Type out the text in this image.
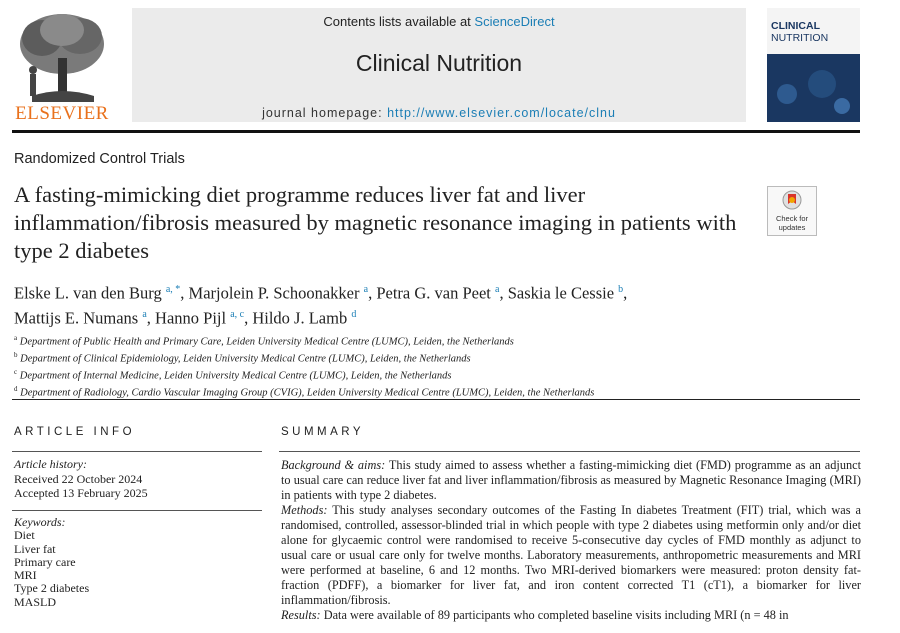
ELSEVIER
Contents lists available at ScienceDirect
Clinical Nutrition
journal homepage: http://www.elsevier.com/locate/clnu
CLINICAL
NUTRITION
Randomized Control Trials
A fasting-mimicking diet programme reduces liver fat and liver inflammation/fibrosis measured by magnetic resonance imaging in patients with type 2 diabetes
Check for updates
Elske L. van den Burg $^{a, *}$, Marjolein P. Schoonakker $^a$, Petra G. van Peet $^a$, Saskia le Cessie $^b$,
Mattijs E. Numans $^a$, Hanno Pijl $^{a, c}$, Hildo J. Lamb $^d$
$^a$ Department of Public Health and Primary Care, Leiden University Medical Centre (LUMC), Leiden, the Netherlands
$^b$ Department of Clinical Epidemiology, Leiden University Medical Centre (LUMC), Leiden, the Netherlands
$^c$ Department of Internal Medicine, Leiden University Medical Centre (LUMC), Leiden, the Netherlands
$^d$ Department of Radiology, Cardio Vascular Imaging Group (CVIG), Leiden University Medical Centre (LUMC), Leiden, the Netherlands
ARTICLE INFO
Article history:
Received 22 October 2024
Accepted 13 February 2025
Keywords:
Diet
Liver fat
Primary care
MRI
Type 2 diabetes
MASLD
SUMMARY

Background & aims: This study aimed to assess whether a fasting-mimicking diet (FMD) programme as an adjunct to usual care can reduce liver fat and liver inflammation/fibrosis as measured by Magnetic Resonance Imaging (MRI) in patients with type 2 diabetes.

Methods: This study analyses secondary outcomes of the Fasting In diabetes Treatment (FIT) trial, which was a randomised, controlled, assessor-blinded trial in which people with type 2 diabetes using metformin only and/or diet alone for glycaemic control were randomised to receive 5-consecutive day cycles of FMD monthly as adjunct to usual care or usual care only for twelve months. Laboratory measurements, anthropometric measurements and MRI were performed at baseline, 6 and 12 months. Two MRI-derived biomarkers were measured: proton density fat-fraction (PDFF), a biomarker for liver fat, and iron content corrected T1 (cT1), a biomarker for liver inflammation/fibrosis.

Results: Data were available of 89 participants who completed baseline visits including MRI (n = 48 in
